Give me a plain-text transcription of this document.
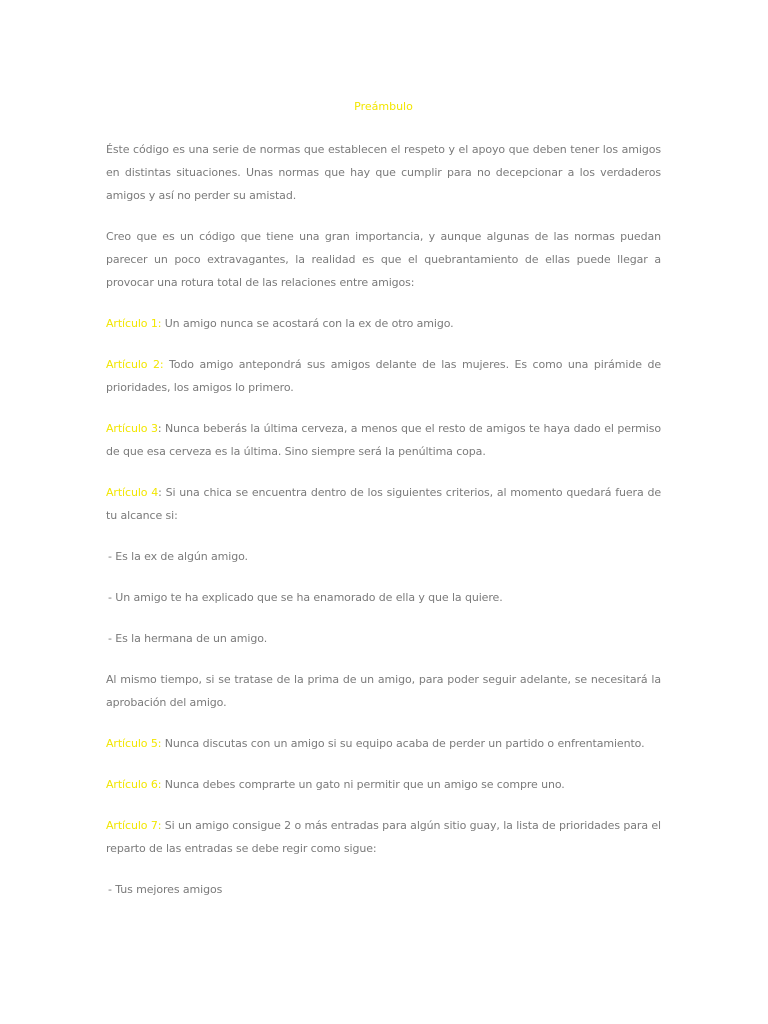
Preámbulo

Éste código es una serie de normas que establecen el respeto y el apoyo que deben tener los amigos en distintas situaciones. Unas normas que hay que cumplir para no decepcionar a los verdaderos amigos y así no perder su amistad.

Creo que es un código que tiene una gran importancia, y aunque algunas de las normas puedan parecer un poco extravagantes, la realidad es que el quebrantamiento de ellas puede llegar a provocar una rotura total de las relaciones entre amigos:

Artículo 1: Un amigo nunca se acostará con la ex de otro amigo.

Artículo 2: Todo amigo antepondrá sus amigos delante de las mujeres. Es como una pirámide de prioridades, los amigos lo primero.

Artículo 3: Nunca beberás la última cerveza, a menos que el resto de amigos te haya dado el permiso de que esa cerveza es la última. Sino siempre será la penúltima copa.

Artículo 4: Si una chica se encuentra dentro de los siguientes criterios, al momento quedará fuera de tu alcance si:

- Es la ex de algún amigo.

- Un amigo te ha explicado que se ha enamorado de ella y que la quiere.

- Es la hermana de un amigo.

Al mismo tiempo, si se tratase de la prima de un amigo, para poder seguir adelante, se necesitará la aprobación del amigo.

Artículo 5: Nunca discutas con un amigo si su equipo acaba de perder un partido o enfrentamiento.

Artículo 6: Nunca debes comprarte un gato ni permitir que un amigo se compre uno.

Artículo 7: Si un amigo consigue 2 o más entradas para algún sitio guay, la lista de prioridades para el reparto de las entradas se debe regir como sigue:

- Tus mejores amigos
